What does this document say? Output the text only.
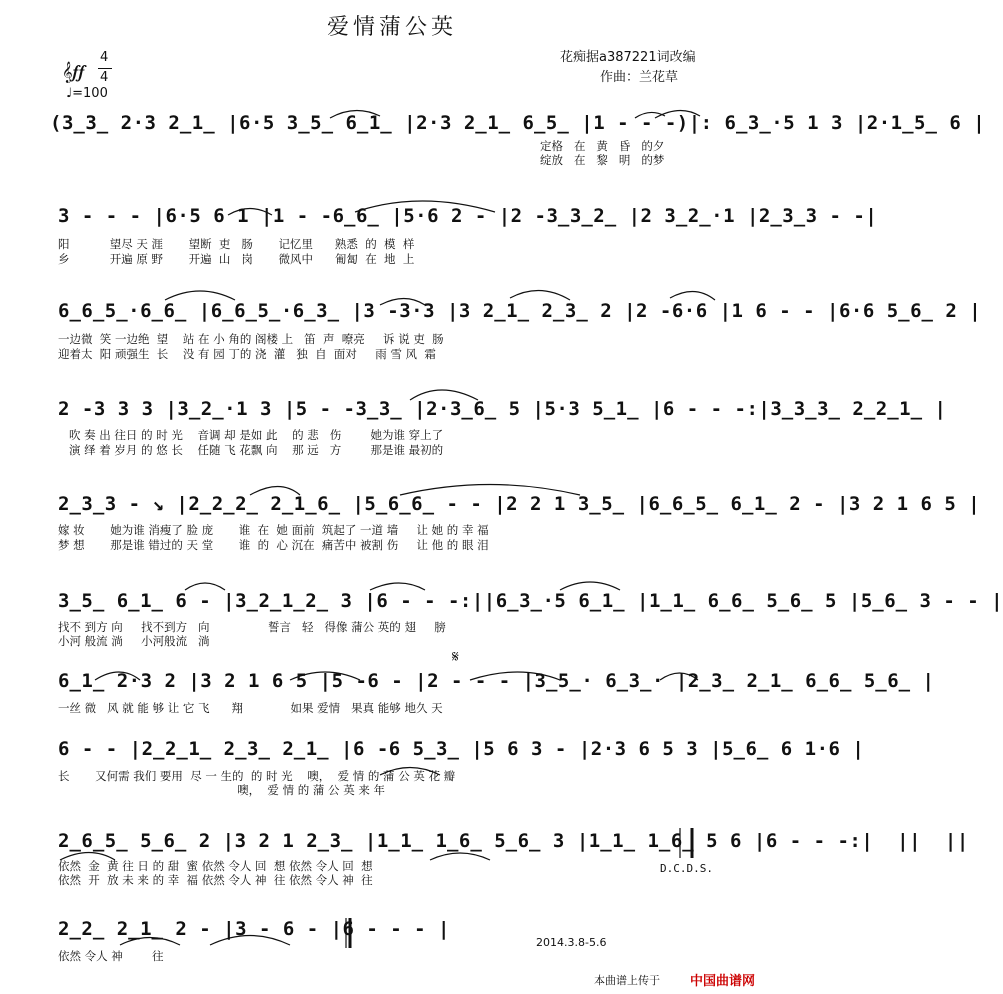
爱情蒲公英
花痴据a387221词改编
作曲：兰花草
𝄞𝆑𝆑
4
4
♩=100
(3̲3̲ 2·3 2̲1̲ |6·5 3̲5̲ 6̲1̲ |2·3 2̲1̲ 6̲5̲ |1 - - -)|: 6̲3̲·5 1 3 |2·1̲5̲ 6 |
定格   在   黄   昏   的夕
绽放   在   黎   明   的梦
3 - - - |6·5 6 1 |1 - -6̲6̲ |5·6 2 - |2 -3̲3̲2̲ |2 3̲2̲·1 |2̲3̲3 - -|
阳           望尽 天 涯       望断  吏   肠       记忆里      熟悉  的  模  样
乡           开遍 原 野       开遍  山   岗       微风中      匍匐  在  地  上
6̲6̲5̲·6̲6̲ |6̲6̲5̲·6̲3̲ |3 -3·3 |3 2̲1̲ 2̲3̲ 2 |2 -6·6 |1 6 - - |6·6 5̲6̲ 2 |
一边微  笑 一边绝  望    站 在 小 角的 阁楼 上   笛  声  嘹亮     诉 说 吏  肠
迎着太  阳 顽强生  长    没 有 园 丁的 浇  灌   独  自  面对     雨 雪 风  霜
2 -3 3 3 |3̲2̲·1 3 |5 - -3̲3̲ |2·3̲6̲ 5 |5·3 5̲1̲ |6 - - -:|3̲3̲3̲ 2̲2̲1̲ |
吹 奏 出 往日 的 时 光    音调 却 是如 此    的 悲   伤        她为谁 穿上了
演 绎 着 岁月 的 悠 长    任随 飞 花飘 向    那 远   方        那是谁 最初的
2̲3̲3 - ↘ |2̲2̲2̲ 2̲1̲6̲ |5̲6̲6̲ - - |2 2 1 3̲5̲ |6̲6̲5̲ 6̲1̲ 2 - |3 2 1 6 5 |
嫁 妆       她为谁 消瘦了 脸 庞       谁  在  她 面前  筑起了 一道 墙     让 她 的 幸 福
梦 想       那是谁 错过的 天 堂       谁  的  心 沉在  痛苦中 被割 伤     让 他 的 眼 泪
3̲5̲ 6̲1̲ 6 - |3̲2̲1̲2̲ 3 |6 - - -:||6̲3̲·5 6̲1̲ |1̲1̲ 6̲6̲ 5̲6̲ 5 |5̲6̲ 3 - - |
找不 到方 向     找不到方   向                誓言   轻   得像 蒲公 英的 翅     膀
小河 般流 淌     小河般流   淌
𝄋
6̲1̲ 2·3 2 |3 2 1 6 5 |5 -6 - |2 - - - |3̲5̲· 6̲3̲· |2̲3̲ 2̲1̲ 6̲6̲ 5̲6̲ |
一丝 微   风 就 能 够 让 它 飞      翔             如果 爱情   果真 能够 地久 天
6 - - |2̲2̲1̲ 2̲3̲ 2̲1̲ |6 -6 5̲3̲ |5 6 3 - |2·3 6 5 3 |5̲6̲ 6 1·6 |
长       又何需 我们 要用  尽 一 生的  的 时 光    噢，  爱 情 的 蒲 公 英 花 瓣
噢，  爱 情 的 蒲 公 英 来 年
2̲6̲5̲ 5̲6̲ 2 |3 2 1 2̲3̲ |1̲1̲ 1̲6̲ 5̲6̲ 3 |1̲1̲ 1̲6̲ 5 6 |6 - - -:|  ||  ||
依然  金  黄 往 日 的 甜  蜜 依然 令人 回  想 依然 令人 回  想
依然  开  放 未 来 的 幸  福 依然 令人 神  往 依然 令人 神  往
D.C.D.S.
2̲2̲ 2̲1̲ 2 - |3 - 6 - |6 - - - |
依然 令人 神        往
2014.3.8-5.6
本曲谱上传于 中国曲谱网
